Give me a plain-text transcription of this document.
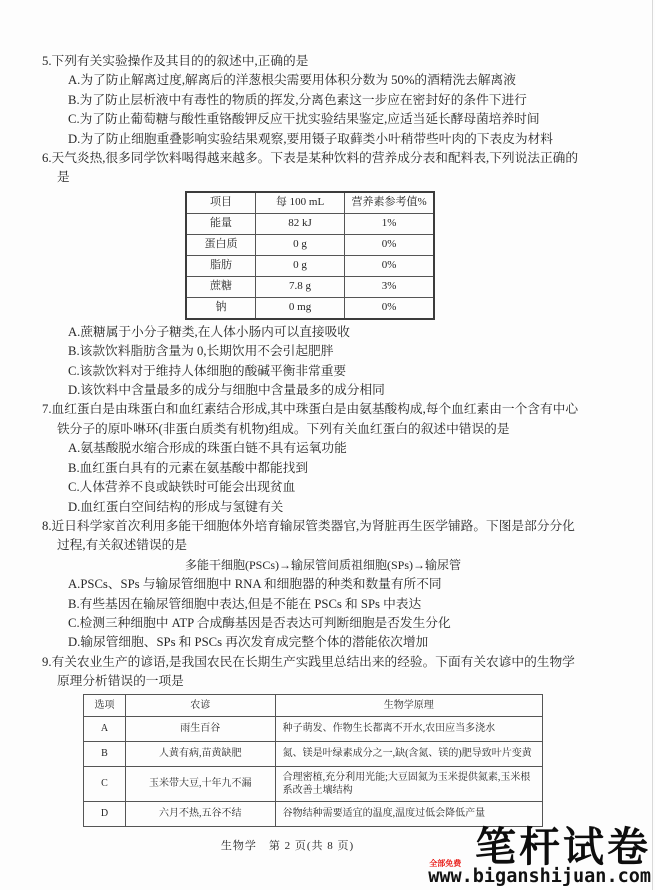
5.下列有关实验操作及其目的的叙述中,正确的是

A.为了防止解离过度,解离后的洋葱根尖需要用体积分数为 50%的酒精洗去解离液

B.为了防止层析液中有毒性的物质的挥发,分离色素这一步应在密封好的条件下进行

C.为了防止葡萄糖与酸性重铬酸钾反应干扰实验结果鉴定,应适当延长酵母菌培养时间

D.为了防止细胞重叠影响实验结果观察,要用镊子取藓类小叶稍带些叶肉的下表皮为材料

6.天气炎热,很多同学饮料喝得越来越多。下表是某种饮料的营养成分表和配料表,下列说法正确的是

项目	每 100 mL	营养素参考值%
能量	82 kJ	1%
蛋白质	0 g	0%
脂肪	0 g	0%
蔗糖	7.8 g	3%
钠	0 mg	0%

A.蔗糖属于小分子糖类,在人体小肠内可以直接吸收

B.该款饮料脂肪含量为 0,长期饮用不会引起肥胖

C.该款饮料对于维持人体细胞的酸碱平衡非常重要

D.该饮料中含量最多的成分与细胞中含量最多的成分相同

7.血红蛋白是由珠蛋白和血红素结合形成,其中珠蛋白是由氨基酸构成,每个血红素由一个含有中心铁分子的原卟啉环(非蛋白质类有机物)组成。下列有关血红蛋白的叙述中错误的是

A.氨基酸脱水缩合形成的珠蛋白链不具有运氧功能

B.血红蛋白具有的元素在氨基酸中都能找到

C.人体营养不良或缺铁时可能会出现贫血

D.血红蛋白空间结构的形成与氢键有关

8.近日科学家首次利用多能干细胞体外培育输尿管类器官,为肾脏再生医学铺路。下图是部分分化过程,有关叙述错误的是

多能干细胞(PSCs)→输尿管间质祖细胞(SPs)→输尿管

A.PSCs、SPs 与输尿管细胞中 RNA 和细胞器的种类和数量有所不同

B.有些基因在输尿管细胞中表达,但是不能在 PSCs 和 SPs 中表达

C.检测三种细胞中 ATP 合成酶基因是否表达可判断细胞是否发生分化

D.输尿管细胞、SPs 和 PSCs 再次发育成完整个体的潜能依次增加

9.有关农业生产的谚语,是我国农民在长期生产实践里总结出来的经验。下面有关农谚中的生物学原理分析错误的一项是

选项	农谚	生物学原理
A	雨生百谷	种子萌发、作物生长都离不开水,农田应当多浇水
B	人黄有病,苗黄缺肥	氮、镁是叶绿素成分之一,缺(含氮、镁的)肥导致叶片变黄
C	玉米带大豆,十年九不漏	合理密植,充分利用光能;大豆固氮为玉米提供氮素,玉米根系改善土壤结构
D	六月不热,五谷不结	谷物结种需要适宜的温度,温度过低会降低产量
生物学　第 2 页(共 8 页)	笔杆试卷
www.biganshijuan.com
全部免费
